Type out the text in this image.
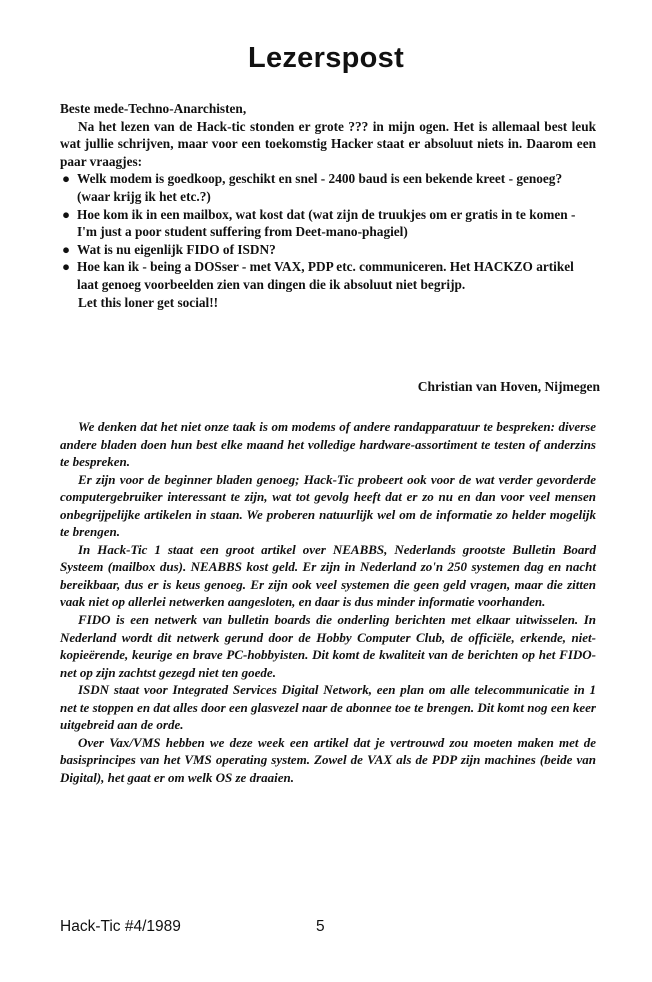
Lezerspost

Beste mede-Techno-Anarchisten,

Na het lezen van de Hack-tic stonden er grote ??? in mijn ogen. Het is allemaal best leuk wat jullie schrijven, maar voor een toekomstig Hacker staat er absoluut niets in. Daarom een paar vraagjes:

● Welk modem is goedkoop, geschikt en snel - 2400 baud is een bekende kreet - genoeg? (waar krijg ik het etc.?)
● Hoe kom ik in een mailbox, wat kost dat (wat zijn de truukjes om er gratis in te komen - I'm just a poor student suffering from Deet-mano-phagiel)
● Wat is nu eigenlijk FIDO of ISDN?
● Hoe kan ik - being a DOSser - met VAX, PDP etc. communiceren. Het HACKZO artikel laat genoeg voorbeelden zien van dingen die ik absoluut niet begrijp.

Let this loner get social!!

Christian van Hoven, Nijmegen

We denken dat het niet onze taak is om modems of andere randapparatuur te bespreken: diverse andere bladen doen hun best elke maand het volledige hardware-assortiment te testen of anderzins te bespreken.

Er zijn voor de beginner bladen genoeg; Hack-Tic probeert ook voor de wat verder gevorderde computergebruiker interessant te zijn, wat tot gevolg heeft dat er zo nu en dan voor veel mensen onbegrijpelijke artikelen in staan. We proberen natuurlijk wel om de informatie zo helder mogelijk te brengen.

In Hack-Tic 1 staat een groot artikel over NEABBS, Nederlands grootste Bulletin Board Systeem (mailbox dus). NEABBS kost geld. Er zijn in Nederland zo'n 250 systemen dag en nacht bereikbaar, dus er is keus genoeg. Er zijn ook veel systemen die geen geld vragen, maar die zitten vaak niet op allerlei netwerken aangesloten, en daar is dus minder informatie voorhanden.

FIDO is een netwerk van bulletin boards die onderling berichten met elkaar uitwisselen. In Nederland wordt dit netwerk gerund door de Hobby Computer Club, de officiële, erkende, niet-kopieërende, keurige en brave PC-hobbyisten. Dit komt de kwaliteit van de berichten op het FIDO-net op zijn zachtst gezegd niet ten goede.

ISDN staat voor Integrated Services Digital Network, een plan om alle telecommunicatie in 1 net te stoppen en dat alles door een glasvezel naar de abonnee toe te brengen. Dit komt nog een keer uitgebreid aan de orde.

Over Vax/VMS hebben we deze week een artikel dat je vertrouwd zou moeten maken met de basisprincipes van het VMS operating system. Zowel de VAX als de PDP zijn machines (beide van Digital), het gaat er om welk OS ze draaien.

Hack-Tic #4/1989	5
